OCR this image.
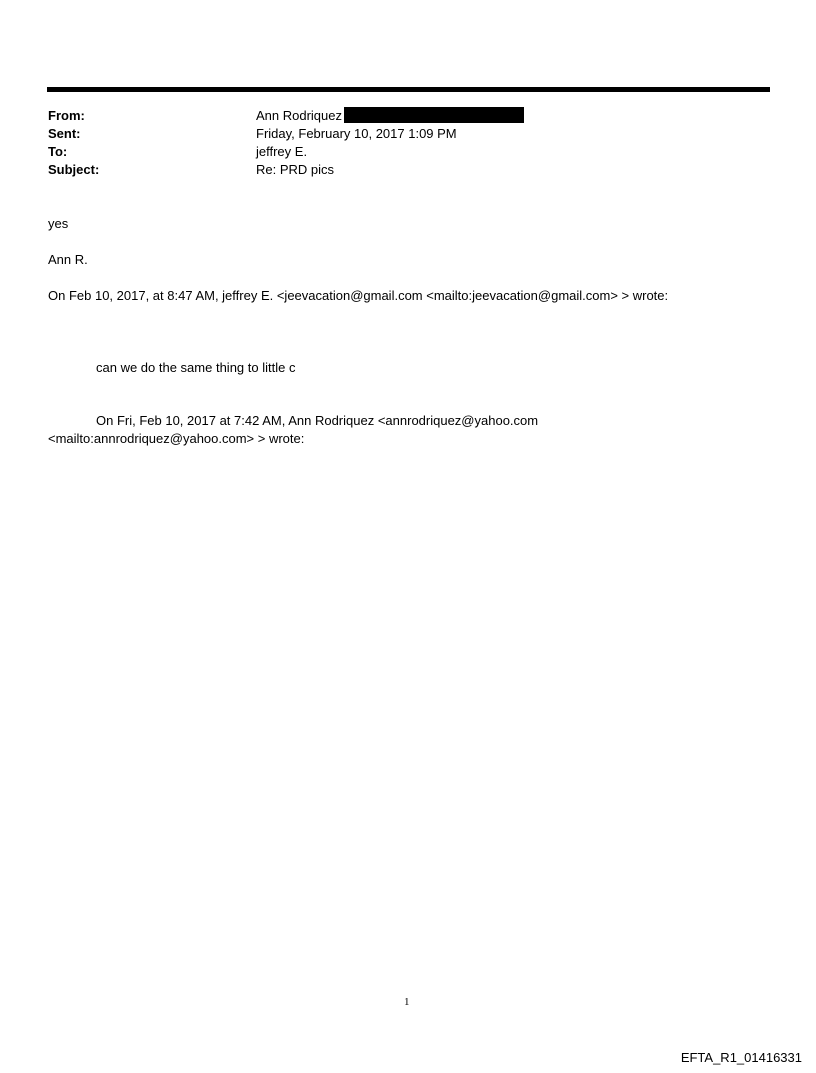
From:	Ann Rodriquez
Sent:	Friday, February 10, 2017 1:09 PM
To:	jeffrey E.
Subject:	Re: PRD pics
yes
Ann R.
On Feb 10, 2017, at 8:47 AM, jeffrey E. <jeevacation@gmail.com <mailto:jeevacation@gmail.com> > wrote:
can we do the same thing to little c
On Fri, Feb 10, 2017 at 7:42 AM, Ann Rodriquez <annrodriquez@yahoo.com
<mailto:annrodriquez@yahoo.com> > wrote:
1
EFTA_R1_01416331
